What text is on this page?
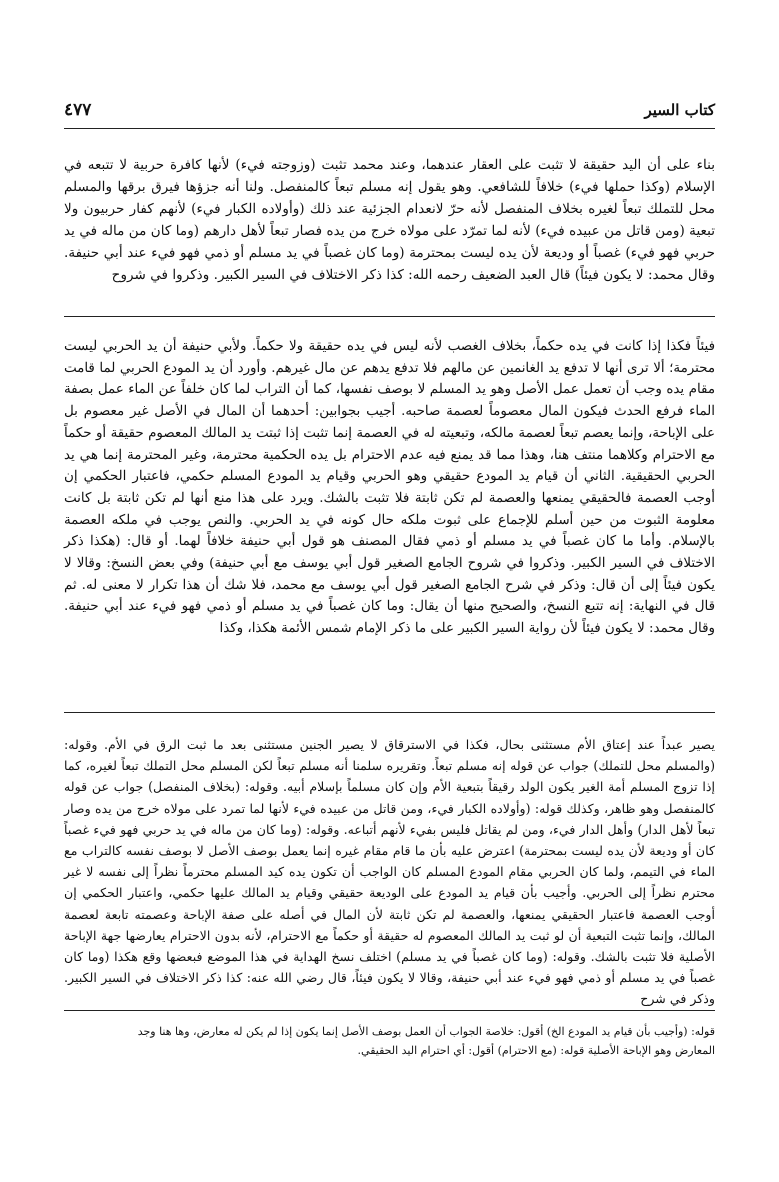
كتاب السير
٤٧٧

بناء على أن اليد حقيقة لا تثبت على العقار عندهما، وعند محمد تثبت (وزوجته فيء) لأنها كافرة حربية لا تتبعه في الإسلام (وكذا حملها فيء) خلافاً للشافعي. وهو يقول إنه مسلم تبعاً كالمنفصل. ولنا أنه جزؤها فيرق برقها والمسلم محل للتملك تبعاً لغيره بخلاف المنفصل لأنه حرّ لانعدام الجزئية عند ذلك (وأولاده الكبار فيء) لأنهم كفار حربيون ولا تبعية (ومن قاتل من عبيده فيء) لأنه لما تمرّد على مولاه خرج من يده فصار تبعاً لأهل دارهم (وما كان من ماله في يد حربي فهو فيء) غصباً أو وديعة لأن يده ليست بمحترمة (وما كان غصباً في يد مسلم أو ذمي فهو فيء عند أبي حنيفة. وقال محمد: لا يكون فيئاً) قال العبد الضعيف رحمه الله: كذا ذكر الاختلاف في السير الكبير. وذكروا في شروح

فيئاً فكذا إذا كانت في يده حكماً، بخلاف الغصب لأنه ليس في يده حقيقة ولا حكماً. ولأبي حنيفة أن يد الحربي ليست محترمة؛ ألا ترى أنها لا تدفع يد الغانمين عن مالهم فلا تدفع يدهم عن مال غيرهم. وأورد أن يد المودع الحربي لما قامت مقام يده وجب أن تعمل عمل الأصل وهو يد المسلم لا بوصف نفسها، كما أن التراب لما كان خلفاً عن الماء عمل بصفة الماء فرفع الحدث فيكون المال معصوماً لعصمة صاحبه. أجيب بجوابين: أحدهما أن المال في الأصل غير معصوم بل على الإباحة، وإنما يعصم تبعاً لعصمة مالكه، وتبعيته له في العصمة إنما تثبت إذا ثبتت يد المالك المعصوم حقيقة أو حكماً مع الاحترام وكلاهما منتف هنا، وهذا مما قد يمنع فيه عدم الاحترام بل يده الحكمية محترمة، وغير المحترمة إنما هي يد الحربي الحقيقية. الثاني أن قيام يد المودع حقيقي وهو الحربي وقيام يد المودع المسلم حكمي، فاعتبار الحكمي إن أوجب العصمة فالحقيقي يمنعها والعصمة لم تكن ثابتة فلا تثبت بالشك. ويرد على هذا منع أنها لم تكن ثابتة بل كانت معلومة الثبوت من حين أسلم للإجماع على ثبوت ملكه حال كونه في يد الحربي. والنص يوجب في ملكه العصمة بالإسلام. وأما ما كان غصباً في يد مسلم أو ذمي فقال المصنف هو قول أبي حنيفة خلافاً لهما. أو قال: (هكذا ذكر الاختلاف في السير الكبير. وذكروا في شروح الجامع الصغير قول أبي يوسف مع أبي حنيفة) وفي بعض النسخ: وقالا لا يكون فيئاً إلى أن قال: وذكر في شرح الجامع الصغير قول أبي يوسف مع محمد، فلا شك أن هذا تكرار لا معنى له. ثم قال في النهاية: إنه تتبع النسخ، والصحيح منها أن يقال: وما كان غصباً في يد مسلم أو ذمي فهو فيء عند أبي حنيفة. وقال محمد: لا يكون فيئاً لأن رواية السير الكبير على ما ذكر الإمام شمس الأئمة هكذا، وكذا

يصير عبداً عند إعتاق الأم مستثنى بحال، فكذا في الاسترقاق لا يصير الجنين مستثنى بعد ما ثبت الرق في الأم. وقوله: (والمسلم محل للتملك) جواب عن قوله إنه مسلم تبعاً. وتقريره سلمنا أنه مسلم تبعاً لكن المسلم محل التملك تبعاً لغيره، كما إذا تزوج المسلم أمة الغير يكون الولد رقيقاً بتبعية الأم وإن كان مسلماً بإسلام أبيه. وقوله: (بخلاف المنفصل) جواب عن قوله كالمنفصل وهو ظاهر، وكذلك قوله: (وأولاده الكبار فيء، ومن قاتل من عبيده فيء لأنها لما تمرد على مولاه خرج من يده وصار تبعاً لأهل الدار) وأهل الدار فيء، ومن لم يقاتل فليس بفيء لأنهم أتباعه. وقوله: (وما كان من ماله في يد حربي فهو فيء غصباً كان أو وديعة لأن يده ليست بمحترمة) اعترض عليه بأن ما قام مقام غيره إنما يعمل بوصف الأصل لا بوصف نفسه كالتراب مع الماء في التيمم، ولما كان الحربي مقام المودع المسلم كان الواجب أن تكون يده كيد المسلم محترماً نظراً إلى نفسه لا غير محترم نظراً إلى الحربي. وأجيب بأن قيام يد المودع على الوديعة حقيقي وقيام يد المالك عليها حكمي، واعتبار الحكمي إن أوجب العصمة فاعتبار الحقيقي يمنعها، والعصمة لم تكن ثابتة لأن المال في أصله على صفة الإباحة وعصمته تابعة لعصمة المالك، وإنما تثبت التبعية أن لو ثبت يد المالك المعصوم له حقيقة أو حكماً مع الاحترام، لأنه بدون الاحترام يعارضها جهة الإباحة الأصلية فلا تثبت بالشك. وقوله: (وما كان غصباً في يد مسلم) اختلف نسخ الهداية في هذا الموضع فبعضها وقع هكذا (وما كان غصباً في يد مسلم أو ذمي فهو فيء عند أبي حنيفة، وقالا لا يكون فيئاً، قال رضي الله عنه: كذا ذكر الاختلاف في السير الكبير. وذكر في شرح

قوله: (وأجيب بأن قيام يد المودع الخ) أقول: خلاصة الجواب أن العمل بوصف الأصل إنما يكون إذا لم يكن له معارض، وها هنا وجد

المعارض وهو الإباحة الأصلية قوله: (مع الاحترام) أقول: أي احترام اليد الحقيقي.
